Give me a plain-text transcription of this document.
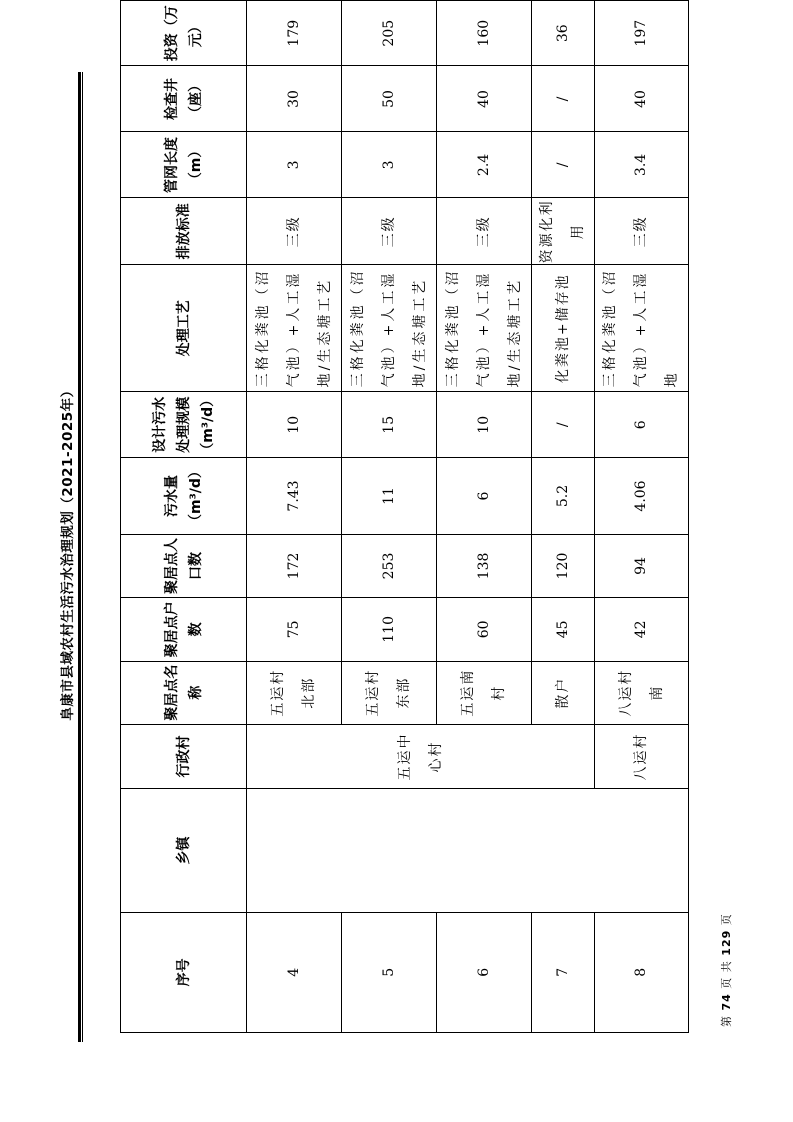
阜康市县域农村生活污水治理规划（2021-2025年）
序号	乡镇	行政村	聚居点名称	聚居点户数	聚居点人口数	污水量（m³/d）	设计污水处理规模（m³/d）	处理工艺	排放标准	管网长度（m）	检查井（座）	投资（万元）
4		五运中心村	五运村北部	75	172	7.43	10	三格化粪池（沼气池）+人工湿地/生态塘工艺	三级	3	30	179
5			五运村东部	110	253	11	15	三格化粪池（沼气池）+人工湿地/生态塘工艺	三级	3	50	205
6			五运南村	60	138	6	10	三格化粪池（沼气池）+人工湿地/生态塘工艺	三级	2.4	40	160
7			散户	45	120	5.2	/	化粪池+储存池	资源化利用	/	/	36
8		八运村	八运村南	42	94	4.06	6	三格化粪池（沼气池）+人工湿地	三级	3.4	40	197
第 74 页 共 129 页
